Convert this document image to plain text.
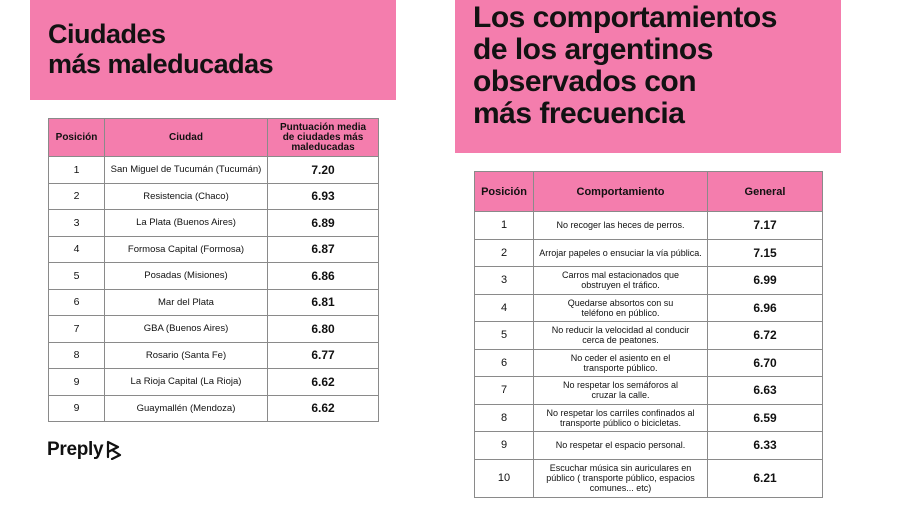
Ciudades
más maleducadas
Los comportamientos
de los argentinos
observados con
más frecuencia
Posición	Ciudad	Puntuación media de ciudades más maleducadas
1	San Miguel de Tucumán (Tucumán)	7.20
2	Resistencia (Chaco)	6.93
3	La Plata (Buenos Aires)	6.89
4	Formosa Capital (Formosa)	6.87
5	Posadas (Misiones)	6.86
6	Mar del Plata	6.81
7	GBA (Buenos Aires)	6.80
8	Rosario (Santa Fe)	6.77
9	La Rioja Capital (La Rioja)	6.62
9	Guaymallén (Mendoza)	6.62
Posición	Comportamiento	General
1	No recoger las heces de perros.	7.17
2	Arrojar papeles o ensuciar la vía pública.	7.15
3	Carros mal estacionados que obstruyen el tráfico.	6.99
4	Quedarse absortos con su teléfono en público.	6.96
5	No reducir la velocidad al conducir cerca de peatones.	6.72
6	No ceder el asiento en el transporte público.	6.70
7	No respetar los semáforos al cruzar la calle.	6.63
8	No respetar los carriles confinados al transporte público o bicicletas.	6.59
9	No respetar el espacio personal.	6.33
10	Escuchar música sin auriculares en público ( transporte público, espacios comunes... etc)	6.21
Preply
